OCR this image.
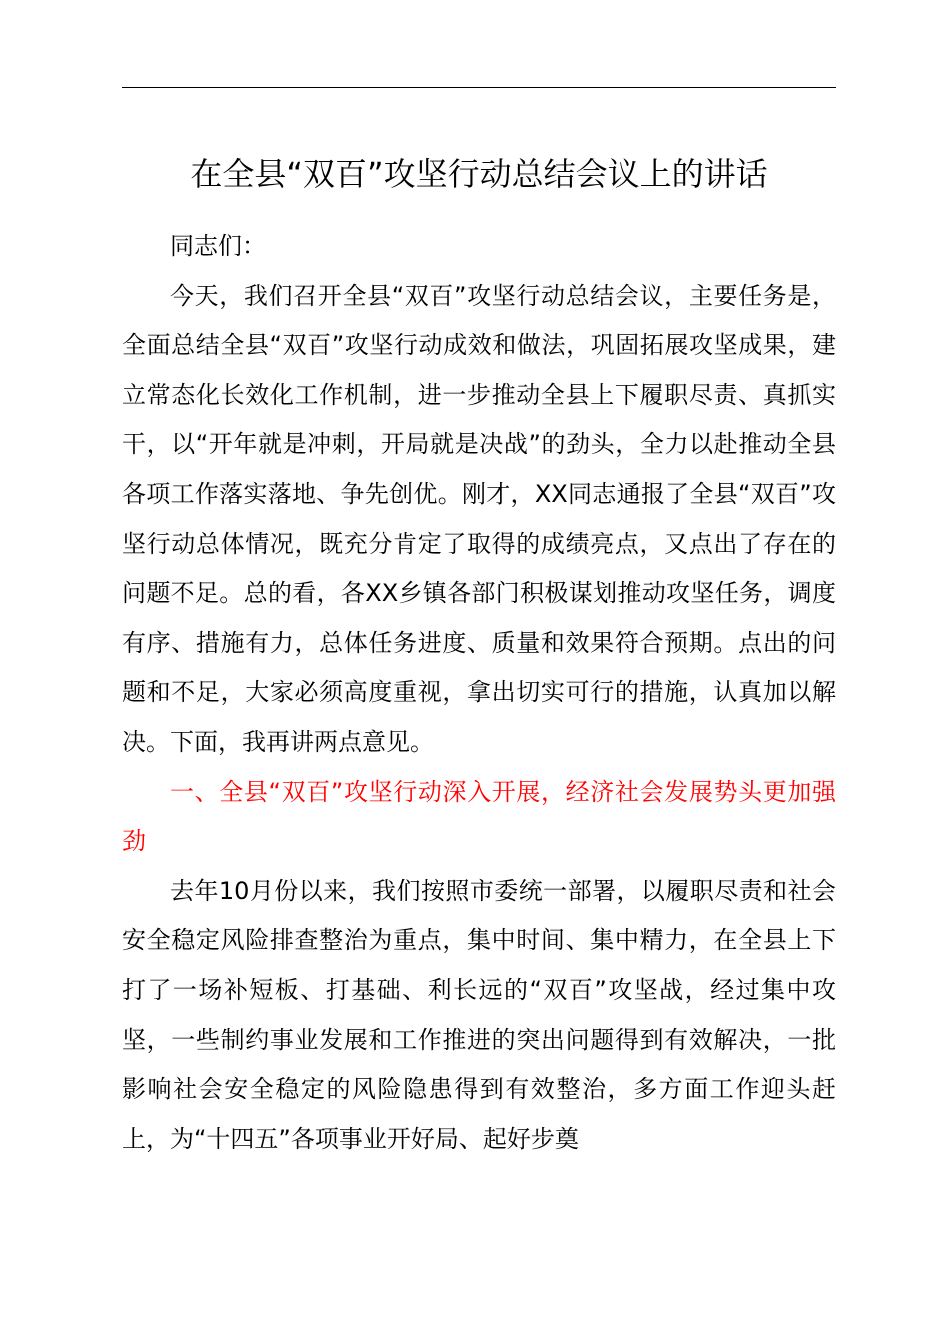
在全县“双百”攻坚行动总结会议上的讲话

同志们：

今天，我们召开全县“双百”攻坚行动总结会议，主要任务是，全面总结全县“双百”攻坚行动成效和做法，巩固拓展攻坚成果，建立常态化长效化工作机制，进一步推动全县上下履职尽责、真抓实干，以“开年就是冲刺，开局就是决战”的劲头，全力以赴推动全县各项工作落实落地、争先创优。刚才，XX同志通报了全县“双百”攻坚行动总体情况，既充分肯定了取得的成绩亮点，又点出了存在的问题不足。总的看，各XX乡镇各部门积极谋划推动攻坚任务，调度有序、措施有力，总体任务进度、质量和效果符合预期。点出的问题和不足，大家必须高度重视，拿出切实可行的措施，认真加以解决。下面，我再讲两点意见。

一、全县“双百”攻坚行动深入开展，经济社会发展势头更加强劲

去年10月份以来，我们按照市委统一部署，以履职尽责和社会安全稳定风险排查整治为重点，集中时间、集中精力，在全县上下打了一场补短板、打基础、利长远的“双百”攻坚战，经过集中攻坚，一些制约事业发展和工作推进的突出问题得到有效解决，一批影响社会安全稳定的风险隐患得到有效整治，多方面工作迎头赶上，为“十四五”各项事业开好局、起好步奠
